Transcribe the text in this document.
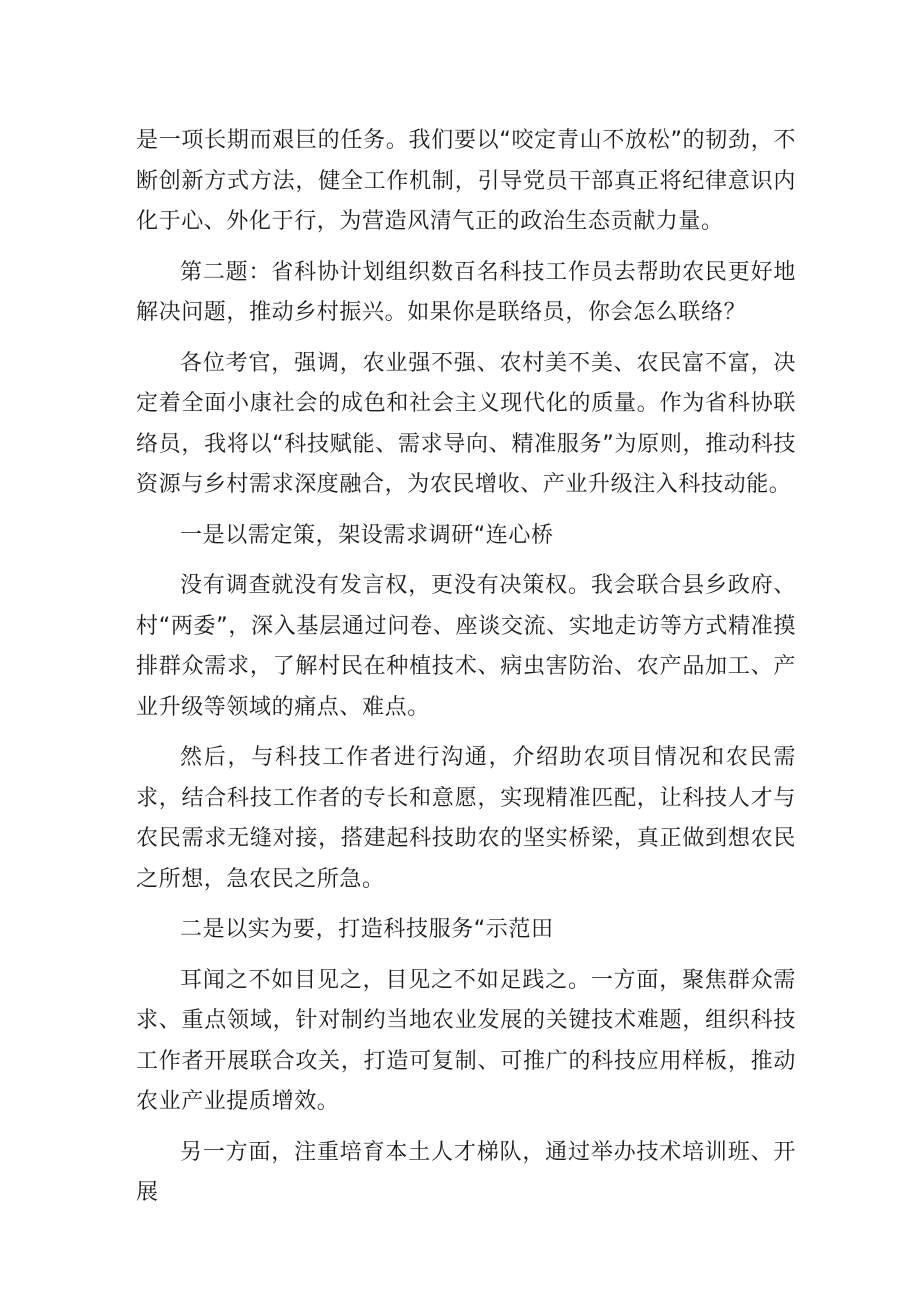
是一项长期而艰巨的任务。我们要以“咬定青山不放松”的韧劲，不断创新方式方法，健全工作机制，引导党员干部真正将纪律意识内化于心、外化于行，为营造风清气正的政治生态贡献力量。

第二题：省科协计划组织数百名科技工作员去帮助农民更好地解决问题，推动乡村振兴。如果你是联络员，你会怎么联络？

各位考官，强调，农业强不强、农村美不美、农民富不富，决定着全面小康社会的成色和社会主义现代化的质量。作为省科协联络员，我将以“科技赋能、需求导向、精准服务”为原则，推动科技资源与乡村需求深度融合，为农民增收、产业升级注入科技动能。

一是以需定策，架设需求调研“连心桥

没有调查就没有发言权，更没有决策权。我会联合县乡政府、村“两委”，深入基层通过问卷、座谈交流、实地走访等方式精准摸排群众需求，了解村民在种植技术、病虫害防治、农产品加工、产业升级等领域的痛点、难点。

然后，与科技工作者进行沟通，介绍助农项目情况和农民需求，结合科技工作者的专长和意愿，实现精准匹配，让科技人才与农民需求无缝对接，搭建起科技助农的坚实桥梁，真正做到想农民之所想，急农民之所急。

二是以实为要，打造科技服务“示范田

耳闻之不如目见之，目见之不如足践之。一方面，聚焦群众需求、重点领域，针对制约当地农业发展的关键技术难题，组织科技工作者开展联合攻关，打造可复制、可推广的科技应用样板，推动农业产业提质增效。

另一方面，注重培育本土人才梯队，通过举办技术培训班、开展
